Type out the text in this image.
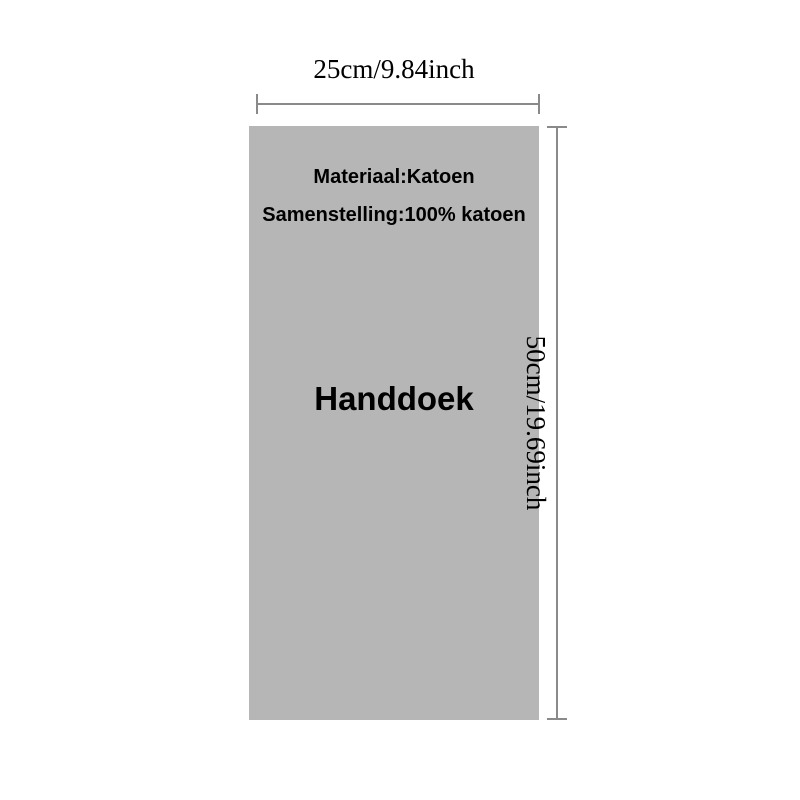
25cm/9.84inch
Materiaal:Katoen
Samenstelling:100% katoen
Handdoek	50cm/19.69inch
